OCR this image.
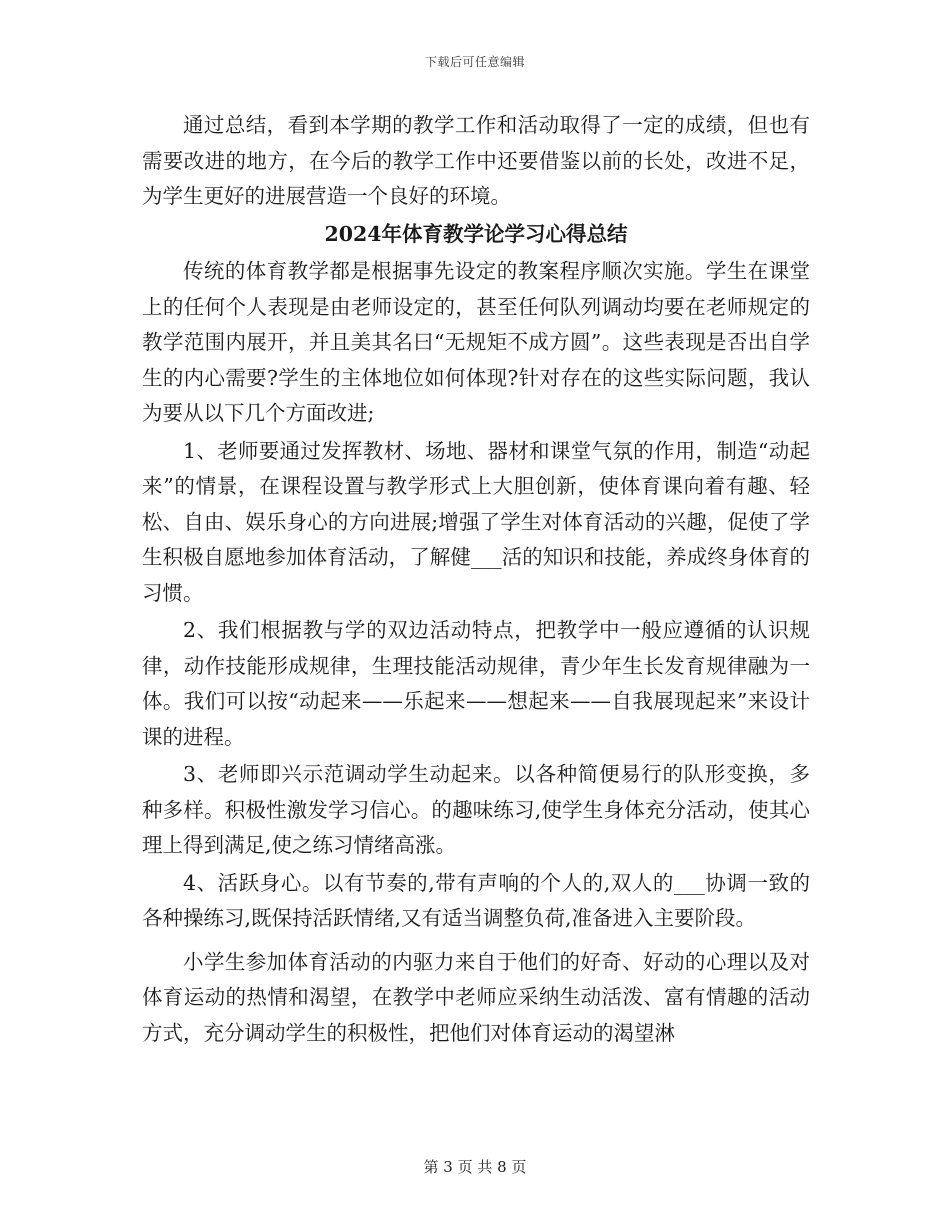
下载后可任意编辑

通过总结，看到本学期的教学工作和活动取得了一定的成绩，但也有需要改进的地方，在今后的教学工作中还要借鉴以前的长处，改进不足，为学生更好的进展营造一个良好的环境。

2024年体育教学论学习心得总结

传统的体育教学都是根据事先设定的教案程序顺次实施。学生在课堂上的任何个人表现是由老师设定的，甚至任何队列调动均要在老师规定的教学范围内展开，并且美其名曰“无规矩不成方圆”。这些表现是否出自学生的内心需要?学生的主体地位如何体现?针对存在的这些实际问题，我认为要从以下几个方面改进;

1、老师要通过发挥教材、场地、器材和课堂气氛的作用，制造“动起来”的情景，在课程设置与教学形式上大胆创新，使体育课向着有趣、轻松、自由、娱乐身心的方向进展;增强了学生对体育活动的兴趣，促使了学生积极自愿地参加体育活动，了解健___活的知识和技能，养成终身体育的习惯。

2、我们根据教与学的双边活动特点，把教学中一般应遵循的认识规律，动作技能形成规律，生理技能活动规律，青少年生长发育规律融为一体。我们可以按“动起来——乐起来——想起来——自我展现起来”来设计课的进程。

3、老师即兴示范调动学生动起来。以各种简便易行的队形变换，多种多样。积极性激发学习信心。的趣味练习,使学生身体充分活动，使其心理上得到满足,使之练习情绪高涨。

4、活跃身心。以有节奏的,带有声响的个人的,双人的___协调一致的各种操练习,既保持活跃情绪,又有适当调整负荷,准备进入主要阶段。

小学生参加体育活动的内驱力来自于他们的好奇、好动的心理以及对体育运动的热情和渴望，在教学中老师应采纳生动活泼、富有情趣的活动方式，充分调动学生的积极性，把他们对体育运动的渴望淋

第 3 页 共 8 页
